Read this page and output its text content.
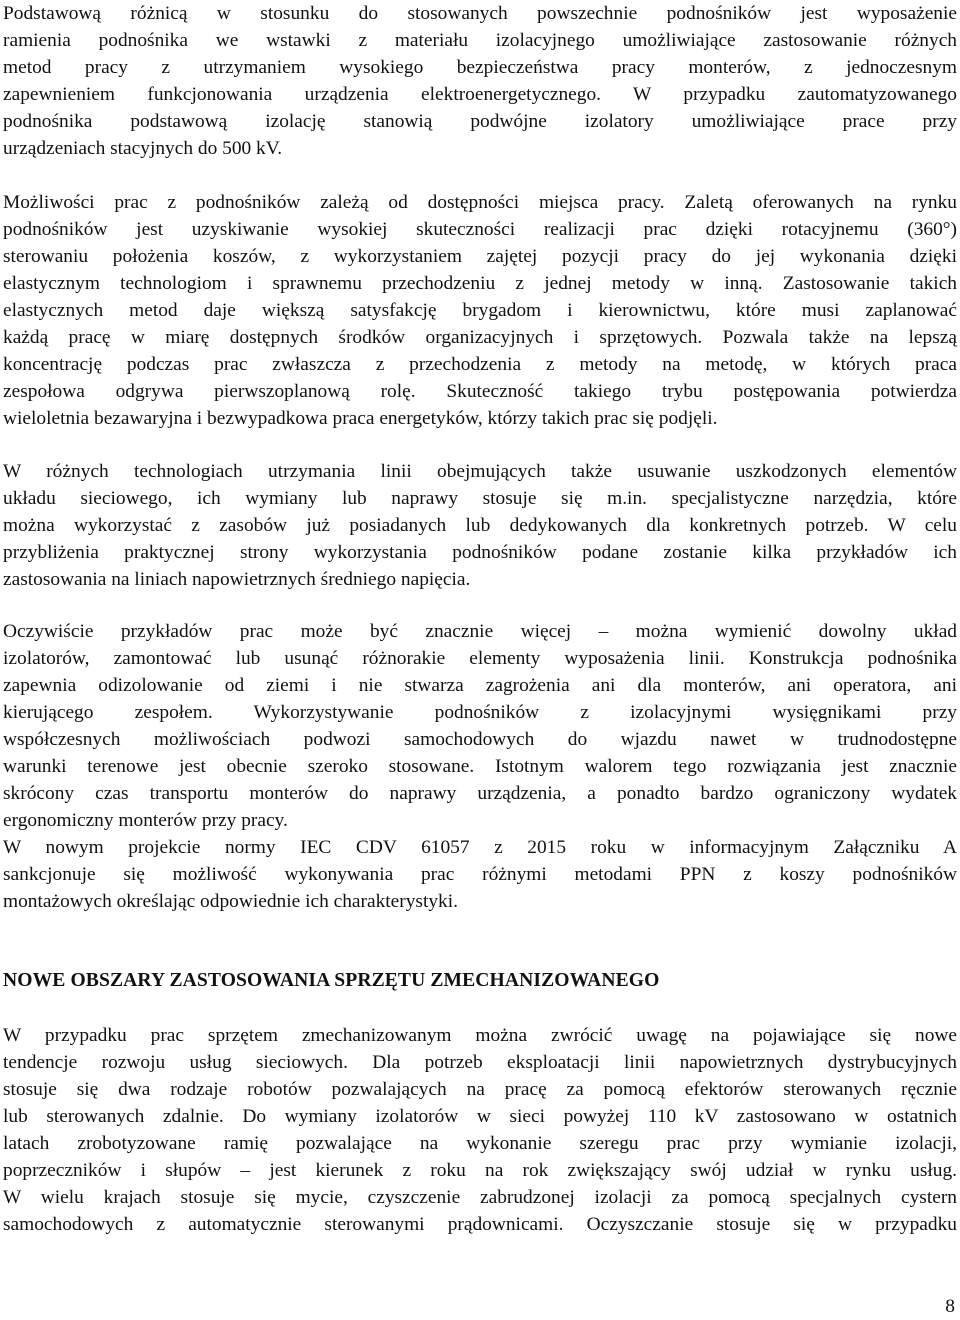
Podstawową różnicą w stosunku do stosowanych powszechnie podnośników jest wyposażenie
ramienia podnośnika we wstawki z materiału izolacyjnego umożliwiające zastosowanie różnych
metod pracy z utrzymaniem wysokiego bezpieczeństwa pracy monterów, z jednoczesnym
zapewnieniem funkcjonowania urządzenia elektroenergetycznego. W przypadku zautomatyzowanego
podnośnika podstawową izolację stanowią podwójne izolatory umożliwiające prace przy
urządzeniach stacyjnych do 500 kV.
Możliwości prac z podnośników zależą od dostępności miejsca pracy. Zaletą oferowanych na rynku
podnośników jest uzyskiwanie wysokiej skuteczności realizacji prac dzięki rotacyjnemu (360°)
sterowaniu położenia koszów, z wykorzystaniem zajętej pozycji pracy do jej wykonania dzięki
elastycznym technologiom i sprawnemu przechodzeniu z jednej metody w inną. Zastosowanie takich
elastycznych metod daje większą satysfakcję brygadom i kierownictwu, które musi zaplanować
każdą pracę w miarę dostępnych środków organizacyjnych i sprzętowych. Pozwala także na lepszą
koncentrację podczas prac zwłaszcza z przechodzenia z metody na metodę, w których praca
zespołowa odgrywa pierwszoplanową rolę. Skuteczność takiego trybu postępowania potwierdza
wieloletnia bezawaryjna i bezwypadkowa praca energetyków, którzy takich prac się podjęli.
W różnych technologiach utrzymania linii obejmujących także usuwanie uszkodzonych elementów
układu sieciowego, ich wymiany lub naprawy stosuje się m.in. specjalistyczne narzędzia, które
można wykorzystać z zasobów już posiadanych lub dedykowanych dla konkretnych potrzeb. W celu
przybliżenia praktycznej strony wykorzystania podnośników podane zostanie kilka przykładów ich
zastosowania na liniach napowietrznych średniego napięcia.
Oczywiście przykładów prac może być znacznie więcej – można wymienić dowolny układ
izolatorów, zamontować lub usunąć różnorakie elementy wyposażenia linii. Konstrukcja podnośnika
zapewnia odizolowanie od ziemi i nie stwarza zagrożenia ani dla monterów, ani operatora, ani
kierującego zespołem. Wykorzystywanie podnośników z izolacyjnymi wysięgnikami przy
współczesnych możliwościach podwozi samochodowych do wjazdu nawet w trudnodostępne
warunki terenowe jest obecnie szeroko stosowane. Istotnym walorem tego rozwiązania jest znacznie
skrócony czas transportu monterów do naprawy urządzenia, a ponadto bardzo ograniczony wydatek
ergonomiczny monterów przy pracy.
W nowym projekcie normy IEC CDV 61057 z 2015 roku w informacyjnym Załączniku A
sankcjonuje się możliwość wykonywania prac różnymi metodami PPN z koszy podnośników
montażowych określając odpowiednie ich charakterystyki.
NOWE OBSZARY ZASTOSOWANIA SPRZĘTU ZMECHANIZOWANEGO
W przypadku prac sprzętem zmechanizowanym można zwrócić uwagę na pojawiające się nowe
tendencje rozwoju usług sieciowych. Dla potrzeb eksploatacji linii napowietrznych dystrybucyjnych
stosuje się dwa rodzaje robotów pozwalających na pracę za pomocą efektorów sterowanych ręcznie
lub sterowanych zdalnie. Do wymiany izolatorów w sieci powyżej 110 kV zastosowano w ostatnich
latach zrobotyzowane ramię pozwalające na wykonanie szeregu prac przy wymianie izolacji,
poprzeczników i słupów – jest kierunek z roku na rok zwiększający swój udział w rynku usług.
W wielu krajach stosuje się mycie, czyszczenie zabrudzonej izolacji za pomocą specjalnych cystern
samochodowych z automatycznie sterowanymi prądownicami. Oczyszczanie stosuje się w przypadku
8
